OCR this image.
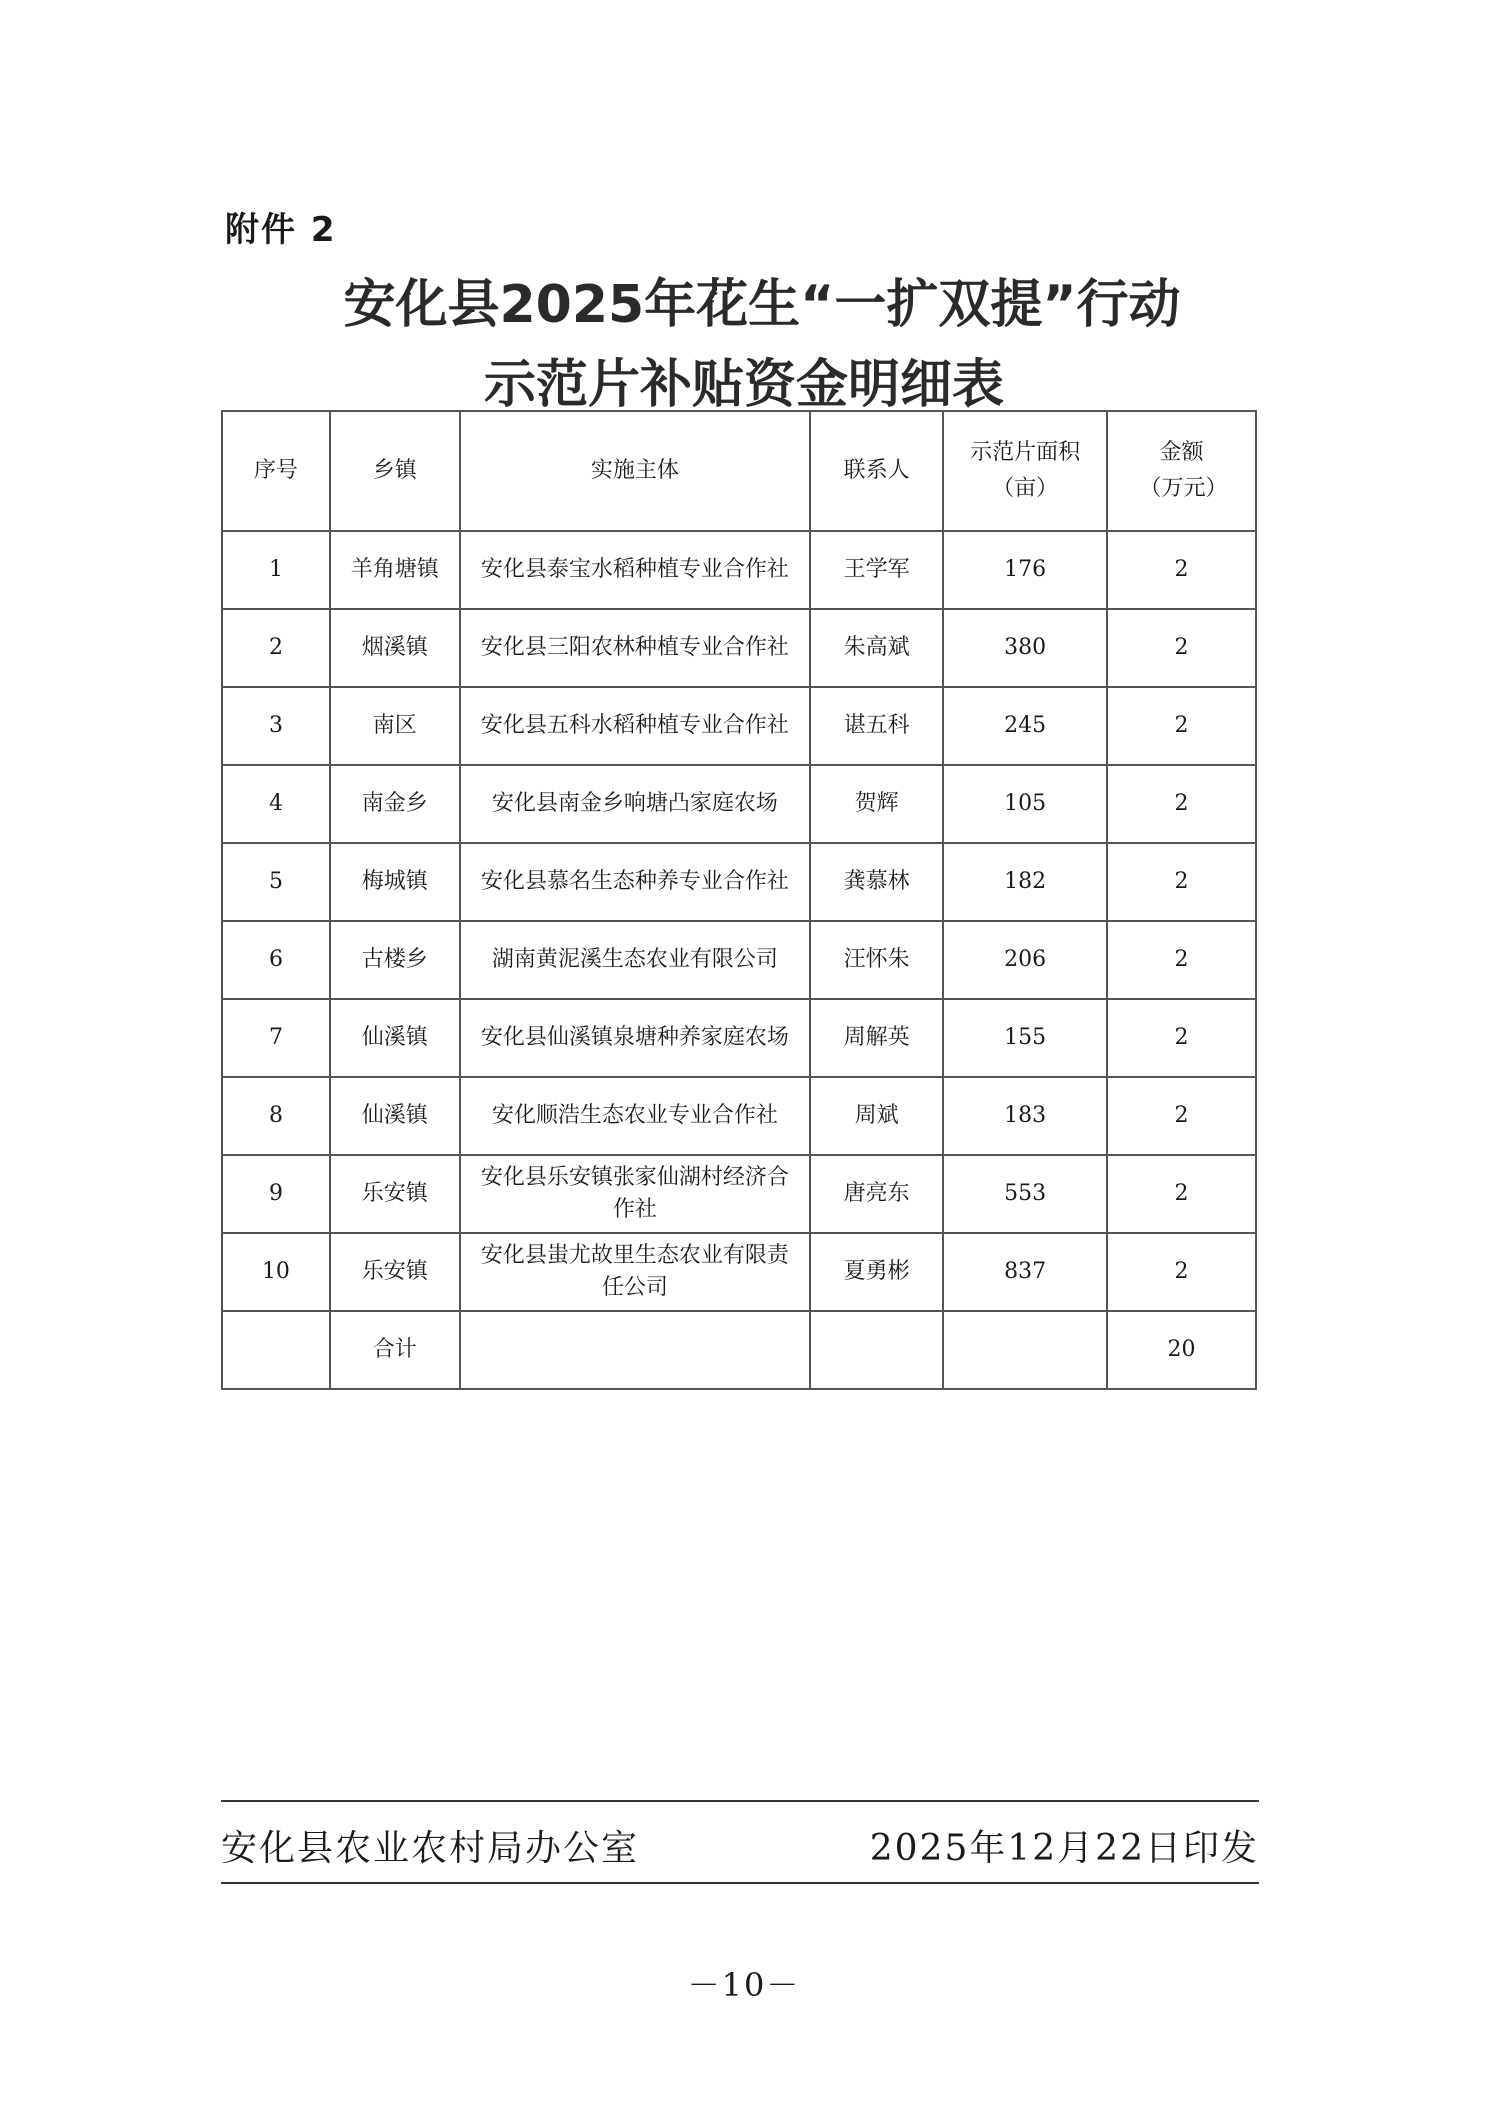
附件 2
安化县2025年花生“一扩双提”行动
示范片补贴资金明细表
序号	乡镇	实施主体	联系人	示范片面积（亩）	金额（万元）
1	羊角塘镇	安化县泰宝水稻种植专业合作社	王学军	176	2
2	烟溪镇	安化县三阳农林种植专业合作社	朱高斌	380	2
3	南区	安化县五科水稻种植专业合作社	谌五科	245	2
4	南金乡	安化县南金乡响塘凸家庭农场	贺辉	105	2
5	梅城镇	安化县慕名生态种养专业合作社	龚慕林	182	2
6	古楼乡	湖南黄泥溪生态农业有限公司	汪怀朱	206	2
7	仙溪镇	安化县仙溪镇泉塘种养家庭农场	周解英	155	2
8	仙溪镇	安化顺浩生态农业专业合作社	周斌	183	2
9	乐安镇	安化县乐安镇张家仙湖村经济合作社	唐亮东	553	2
10	乐安镇	安化县蚩尤故里生态农业有限责任公司	夏勇彬	837	2
	合计				20
安化县农业农村局办公室	2025年12月22日印发
－10－
